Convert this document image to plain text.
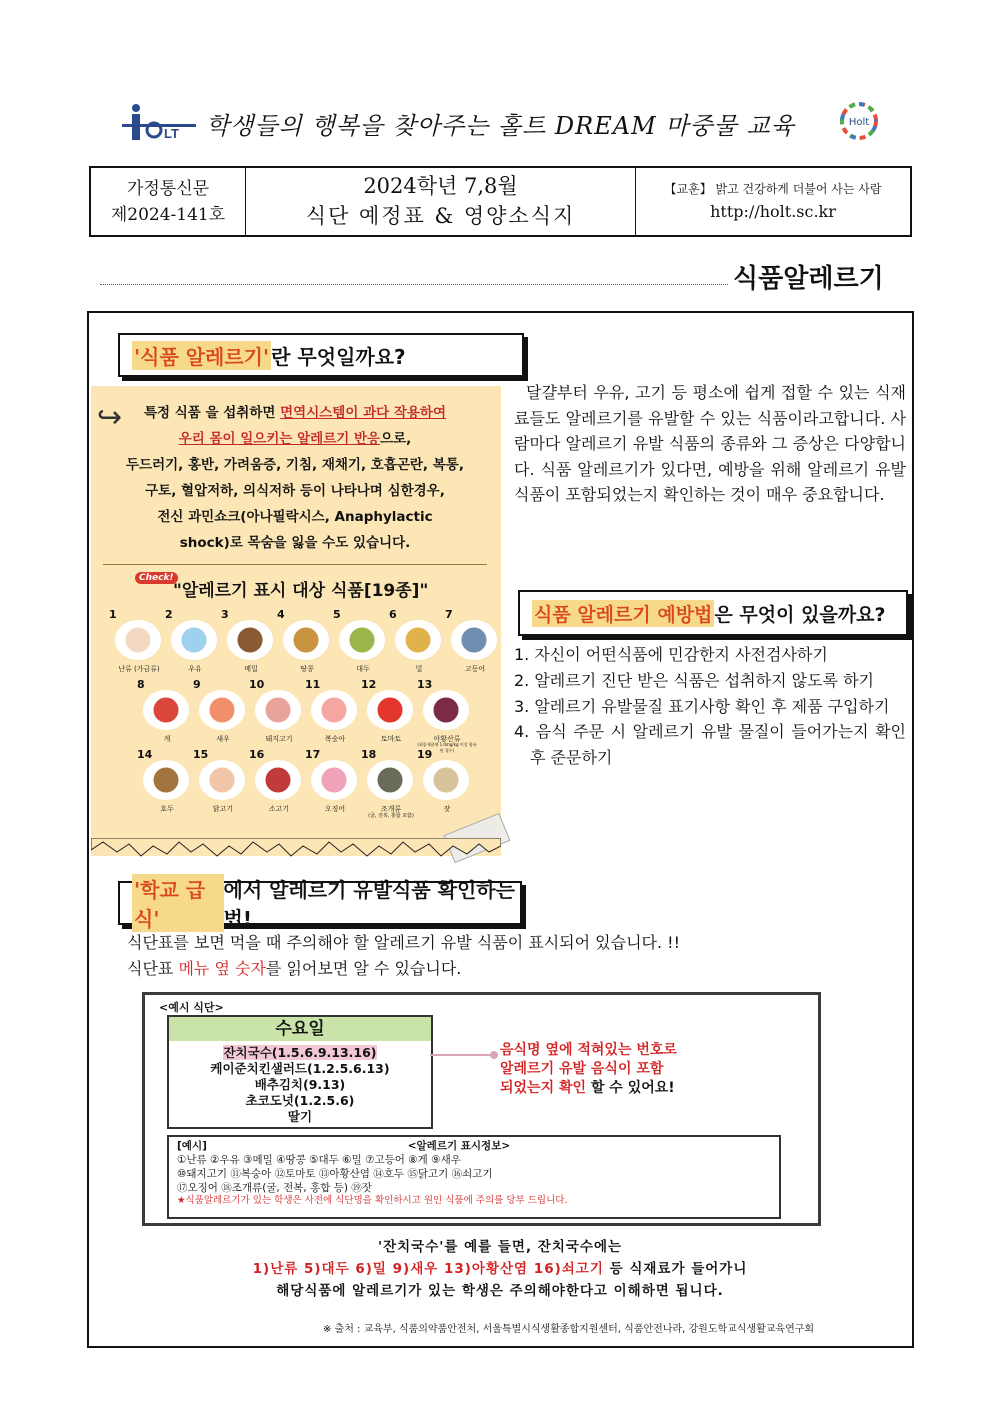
LT 학생들의 행복을 찾아주는 홀트 DREAM 마중물 교육	Holt
가정통신문
제2024-141호
2024학년 7,8월
식단 예정표 & 영양소식지
【교훈】 밝고 건강하게 더불어 사는 사람
http://holt.sc.kr
식품알레르기
'식품 알레르기' 란 무엇일까요?
↪	특정 식품 을 섭취하면 면역시스템이 과다 작용하여
우리 몸이 일으키는 알레르기 반응으로,
두드러기, 홍반, 가려움증, 기침, 재채기, 호흡곤란, 복통,
구토, 혈압저하, 의식저하 등이 나타나며 심한경우,
전신 과민쇼크(아나필락시스, Anaphylactic
shock)로 목숨을 잃을 수도 있습니다.
Check!
"알레르기 표시 대상 식품[19종]"
1
난류 (가금류)
2
우유
3
메밀
4
땅콩
5
대두
6
밀
7
고등어
8
게
9
새우
10
돼지고기
11
복숭아
12
토마토
13
아황산류
(최종제품에 1.0mg/kg 이상 함유된 경우)
14
호두
15
닭고기
16
소고기
17
오징어
18
조개류
(굴, 전복, 홍합 포함)
19
잣
달걀부터 우유, 고기 등 평소에 쉽게 접할 수 있는 식재료들도 알레르기를 유발할 수 있는 식품이라고합니다. 사람마다 알레르기 유발 식품의 종류와 그 증상은 다양합니다. 식품 알레르기가 있다면, 예방을 위해 알레르기 유발 식품이 포함되었는지 확인하는 것이 매우 중요합니다.
식품 알레르기 예방법 은 무엇이 있을까요?
1. 자신이 어떤식품에 민감한지 사전검사하기
2. 알레르기 진단 받은 식품은 섭취하지 않도록 하기
3. 알레르기 유발물질 표기사항 확인 후 제품 구입하기
4. 음식 주문 시 알레르기 유발 물질이 들어가는지 확인 후 준문하기
'학교 급식'
에서 알레르기 유발식품 확인하는 법!
식단표를 보면 먹을 때 주의해야 할 알레르기 유발 식품이 표시되어 있습니다. !!
식단표 메뉴 옆 숫자를 읽어보면 알 수 있습니다.
<예시 식단>
수요일
잔치국수(1.5.6.9.13.16)
케이준치킨샐러드(1.2.5.6.13)
배추김치(9.13)
초코도넛(1.2.5.6)
딸기
음식명 옆에 적혀있는 번호로
알레르기 유발 음식이 포함
되었는지 확인 할 수 있어요!
[예시]	<알레르기 표시정보>
①난류 ②우유 ③메밀 ④땅콩 ⑤대두 ⑥밀 ⑦고등어 ⑧게 ⑨새우
⑩돼지고기 ⑪복숭아 ⑫토마토 ⑬아황산염 ⑭호두 ⑮닭고기 ⑯쇠고기
⑰오징어 ⑱조개류(굴, 전복, 홍합 등) ⑲잣
★식품알레르기가 있는 학생은 사전에 식단명을 확인하시고 원인 식품에 주의를 당부 드립니다.
'잔치국수'를 예를 들면, 잔치국수에는
1)난류 5)대두 6)밀 9)새우 13)아황산염 16)쇠고기 등 식재료가 들어가니
해당식품에 알레르기가 있는 학생은 주의해야한다고 이해하면 됩니다.
※ 출처 : 교육부, 식품의약품안전처, 서울특별시식생활종합지원센터, 식품안전나라, 강원도학교식생활교육연구회
